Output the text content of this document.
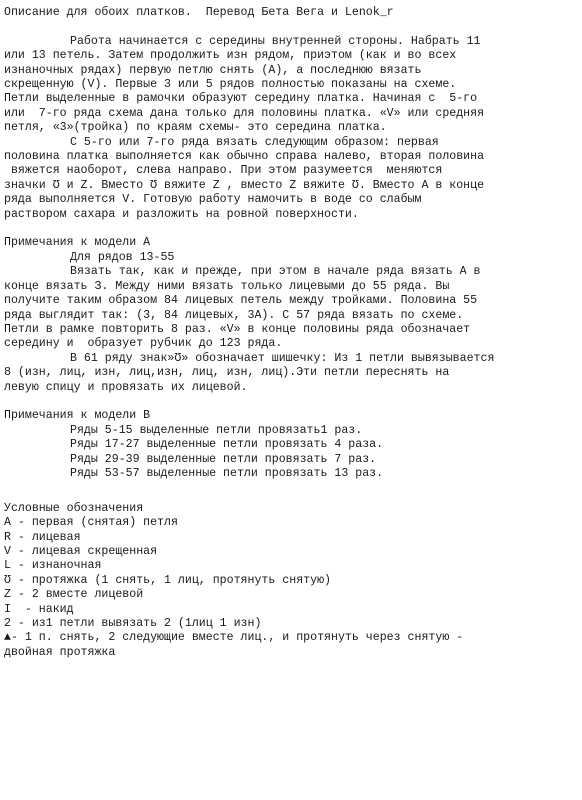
Описание для обоих платков.  Перевод Бета Вега и Lenok_r
Работа начинается с середины внутренней стороны. Набрать 11
или 13 петель. Затем продолжить изн рядом, приэтом (как и во всех
изнаночных рядах) первую петлю снять (А), а последнюю вязать
скрещенную (V). Первые 3 или 5 рядов полностью показаны на схеме.
Петли выделенные в рамочки образуют середину платка. Начиная с  5-го
или  7-го ряда схема дана только для половины платка. «V» или средняя
петля, «3»(тройка) по краям схемы- это середина платка.
С 5-го или 7-го ряда вязать следующим образом: первая
половина платка выполняется как обычно справа налево, вторая половина
вяжется наоборот, слева направо. При этом разумеется  меняются
значки Ʊ и Z. Вместо Ʊ вяжите Z , вместо Z вяжите Ʊ. Вместо А в конце
ряда выполняется V. Готовую работу намочить в воде со слабым
раствором сахара и разложить на ровной поверхности.
Примечания к модели А
Для рядов 13-55
Вязать так, как и прежде, при этом в начале ряда вязать А в
конце вязать З. Между ними вязать только лицевыми до 55 ряда. Вы
получите таким образом 84 лицевых петель между тройками. Половина 55
ряда выглядит так: (3, 84 лицевых, 3А). С 57 ряда вязать по схеме.
Петли в рамке повторить 8 раз. «V» в конце половины ряда обозначает
середину и  образует рубчик до 123 ряда.
В 61 ряду знак»Ʊ» обозначает шишечку: Из 1 петли вывязывается
8 (изн, лиц, изн, лиц,изн, лиц, изн, лиц).Эти петли переснять на
левую спицу и провязать их лицевой.
Примечания к модели В
Ряды 5-15 выделенные петли провязать1 раз.
Ряды 17-27 выделенные петли провязать 4 раза.
Ряды 29-39 выделенные петли провязать 7 раз.
Ряды 53-57 выделенные петли провязать 13 раз.
Условные обозначения
А - первая (снятая) петля
R - лицевая
V - лицевая скрещенная
L - изнаночная
Ʊ - протяжка (1 снять, 1 лиц, протянуть снятую)
Z - 2 вместе лицевой
I  - накид
2 - из1 петли вывязать 2 (1лиц 1 изн)
▲- 1 п. снять, 2 следующие вместе лиц., и протянуть через снятую -
двойная протяжка
